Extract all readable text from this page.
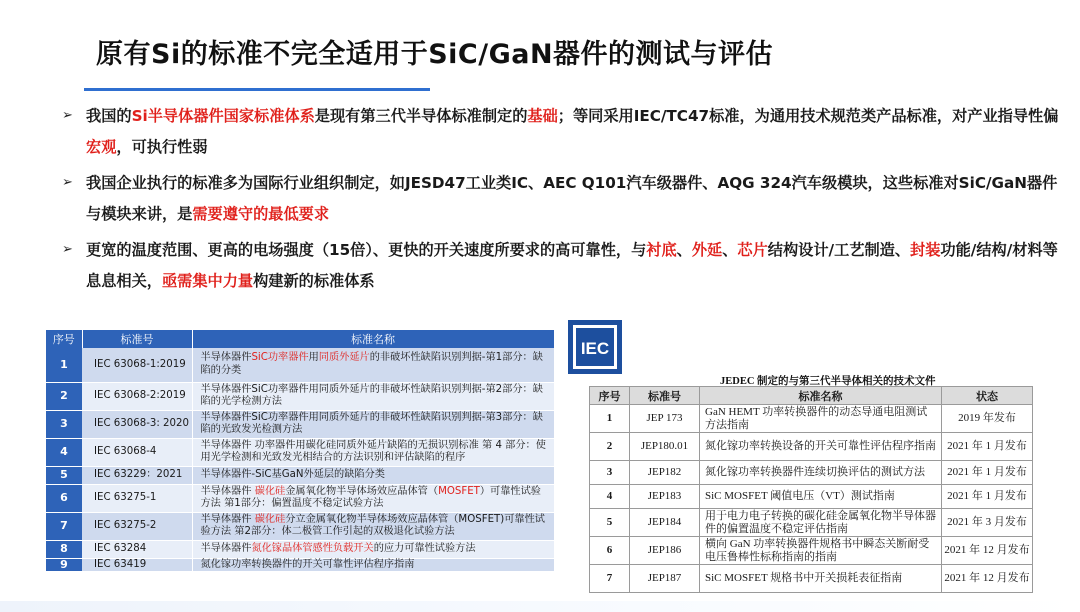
原有Si的标准不完全适用于SiC/GaN器件的测试与评估
➢ 我国的Si半导体器件国家标准体系是现有第三代半导体标准制定的基础；等同采用IEC/TC47标准，为通用技术规范类产品标准，对产业指导性偏宏观，可执行性弱
➢ 我国企业执行的标准多为国际行业组织制定，如JESD47工业类IC、AEC Q101汽车级器件、AQG 324汽车级模块，这些标准对SiC/GaN器件与模块来讲，是需要遵守的最低要求
➢ 更宽的温度范围、更高的电场强度（15倍）、更快的开关速度所要求的高可靠性，与衬底、外延、芯片结构设计/工艺制造、封装功能/结构/材料等息息相关，亟需集中力量构建新的标准体系
序号	标准号	标准名称
1	IEC 63068-1:2019	半导体器件SiC功率器件用同质外延片的非破坏性缺陷识别判据-第1部分：缺陷的分类
2	IEC 63068-2:2019	半导体器件SiC功率器件用同质外延片的非破坏性缺陷识别判据-第2部分：缺陷的光学检测方法
3	IEC 63068-3: 2020	半导体器件SiC功率器件用同质外延片的非破坏性缺陷识别判据-第3部分：缺陷的光致发光检测方法
4	IEC 63068-4	半导体器件 功率器件用碳化硅同质外延片缺陷的无损识别标准 第 4 部分：使用光学检测和光致发光相结合的方法识别和评估缺陷的程序
5	IEC 63229：2021	半导体器件-SiC基GaN外延层的缺陷分类
6	IEC 63275-1	半导体器件 碳化硅金属氧化物半导体场效应晶体管（MOSFET）可靠性试验方法 第1部分：偏置温度不稳定试验方法
7	IEC 63275-2	半导体器件 碳化硅分立金属氧化物半导体场效应晶体管（MOSFET)可靠性试验方法 第2部分：体二极管工作引起的双极退化试验方法
8	IEC 63284	半导体器件氮化镓晶体管感性负载开关的应力可靠性试验方法
9	IEC 63419	氮化镓功率转换器件的开关可靠性评估程序指南
IEC
JEDEC 制定的与第三代半导体相关的技术文件
序号	标准号	标准名称	状态
1	JEP 173	GaN HEMT 功率转换器件的动态导通电阻测试方法指南	2019 年发布
2	JEP180.01	氮化镓功率转换设备的开关可靠性评估程序指南	2021 年 1 月发布
3	JEP182	氮化镓功率转换器件连续切换评估的测试方法	2021 年 1 月发布
4	JEP183	SiC MOSFET 阈值电压（VT）测试指南	2021 年 1 月发布
5	JEP184	用于电力电子转换的碳化硅金属氧化物半导体器件的偏置温度不稳定评估指南	2021 年 3 月发布
6	JEP186	横向 GaN 功率转换器件规格书中瞬态关断耐受电压鲁棒性标称指南的指南	2021 年 12 月发布
7	JEP187	SiC MOSFET 规格书中开关损耗表征指南	2021 年 12 月发布
